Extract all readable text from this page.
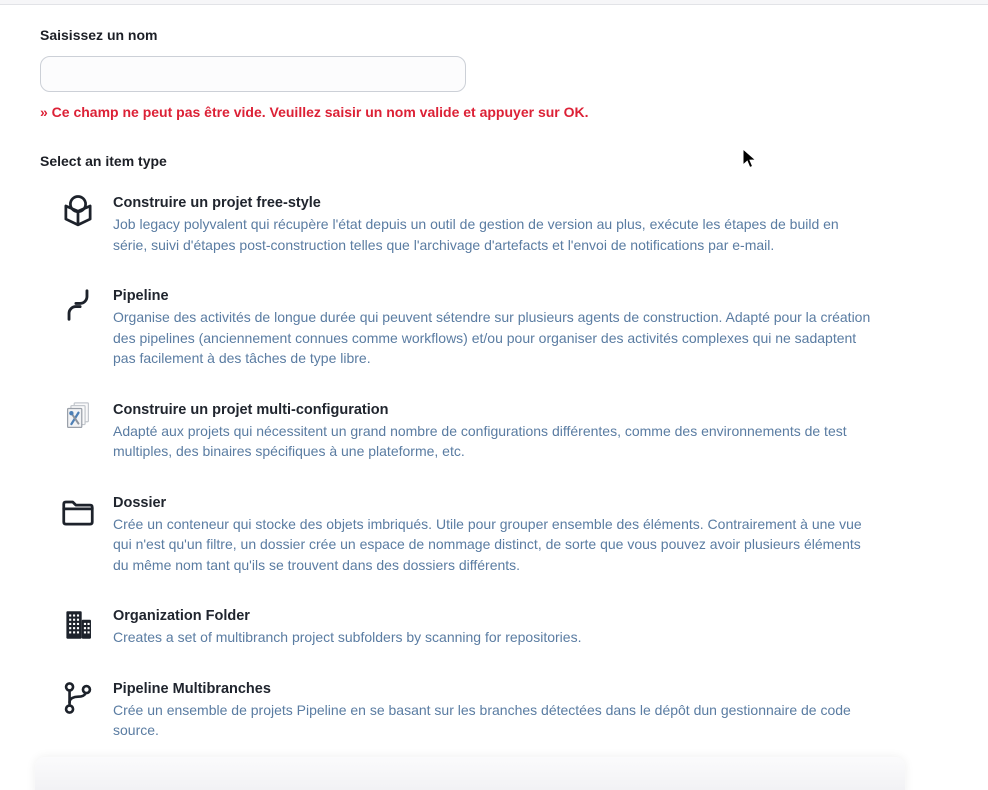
Saisissez un nom
» Ce champ ne peut pas être vide. Veuillez saisir un nom valide et appuyer sur OK.
Select an item type
Construire un projet free-style
Job legacy polyvalent qui récupère l'état depuis un outil de gestion de version au plus, exécute les étapes de build en série, suivi d'étapes post-construction telles que l'archivage d'artefacts et l'envoi de notifications par e-mail.
Pipeline
Organise des activités de longue durée qui peuvent sétendre sur plusieurs agents de construction. Adapté pour la création des pipelines (anciennement connues comme workflows) et/ou pour organiser des activités complexes qui ne sadaptent pas facilement à des tâches de type libre.
Construire un projet multi-configuration
Adapté aux projets qui nécessitent un grand nombre de configurations différentes, comme des environnements de test multiples, des binaires spécifiques à une plateforme, etc.
Dossier
Crée un conteneur qui stocke des objets imbriqués. Utile pour grouper ensemble des éléments. Contrairement à une vue qui n'est qu'un filtre, un dossier crée un espace de nommage distinct, de sorte que vous pouvez avoir plusieurs éléments du même nom tant qu'ils se trouvent dans des dossiers différents.
Organization Folder
Creates a set of multibranch project subfolders by scanning for repositories.
Pipeline Multibranches
Crée un ensemble de projets Pipeline en se basant sur les branches détectées dans le dépôt dun gestionnaire de code source.
